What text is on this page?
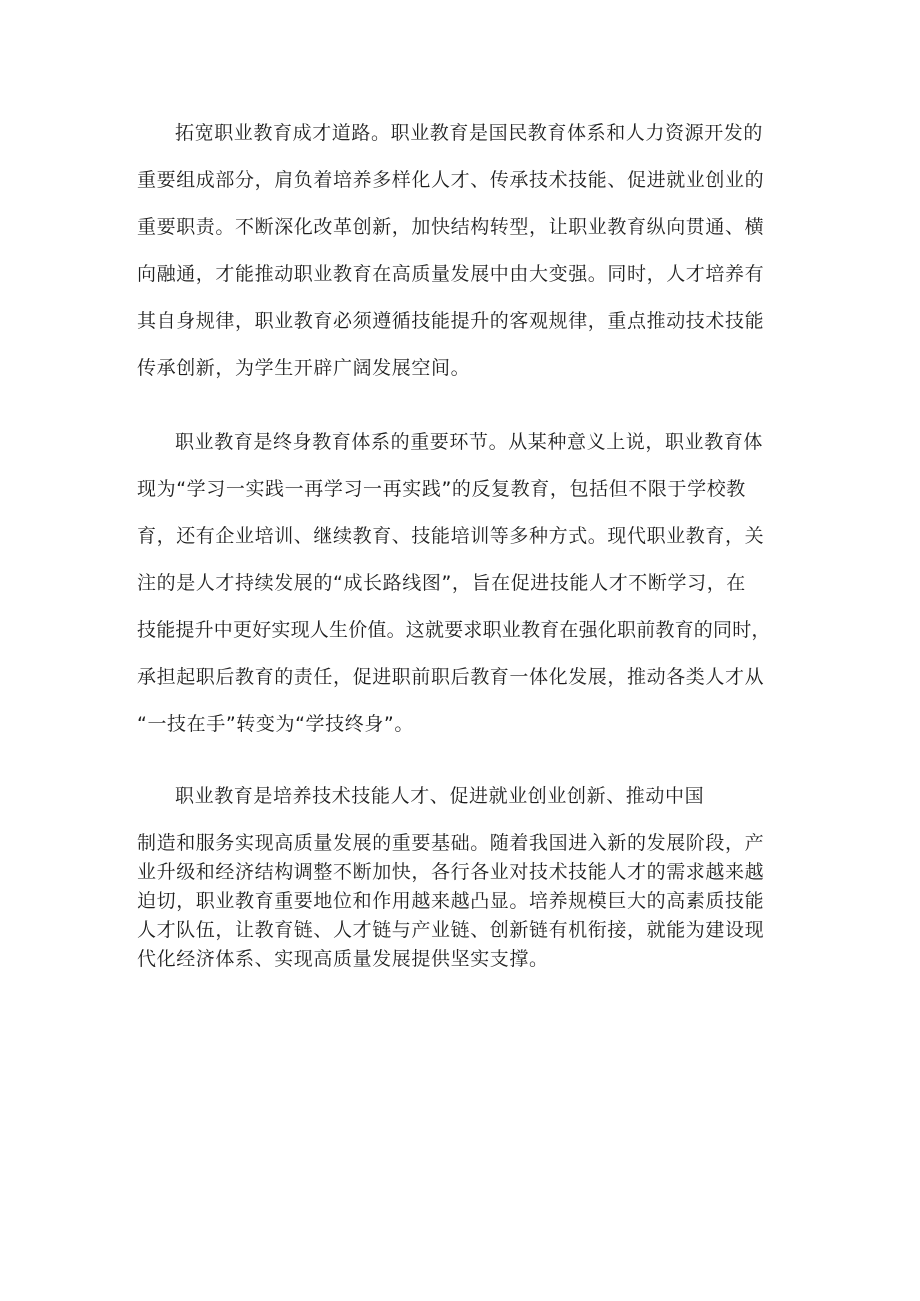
拓宽职业教育成才道路。职业教育是国民教育体系和人力资源开发的
重要组成部分，肩负着培养多样化人才、传承技术技能、促进就业创业的
重要职责。不断深化改革创新，加快结构转型，让职业教育纵向贯通、横
向融通，才能推动职业教育在高质量发展中由大变强。同时，人才培养有
其自身规律，职业教育必须遵循技能提升的客观规律，重点推动技术技能
传承创新，为学生开辟广阔发展空间。
职业教育是终身教育体系的重要环节。从某种意义上说，职业教育体
现为“学习一实践一再学习一再实践”的反复教育，包括但不限于学校教
育，还有企业培训、继续教育、技能培训等多种方式。现代职业教育，关
注的是人才持续发展的“成长路线图”，旨在促进技能人才不断学习，在
技能提升中更好实现人生价值。这就要求职业教育在强化职前教育的同时，
承担起职后教育的责任，促进职前职后教育一体化发展，推动各类人才从
“一技在手”转变为“学技终身”。
职业教育是培养技术技能人才、促进就业创业创新、推动中国
制造和服务实现高质量发展的重要基础。随着我国进入新的发展阶段，产
业升级和经济结构调整不断加快，各行各业对技术技能人才的需求越来越
迫切，职业教育重要地位和作用越来越凸显。培养规模巨大的高素质技能
人才队伍，让教育链、人才链与产业链、创新链有机衔接，就能为建设现
代化经济体系、实现高质量发展提供坚实支撑。
